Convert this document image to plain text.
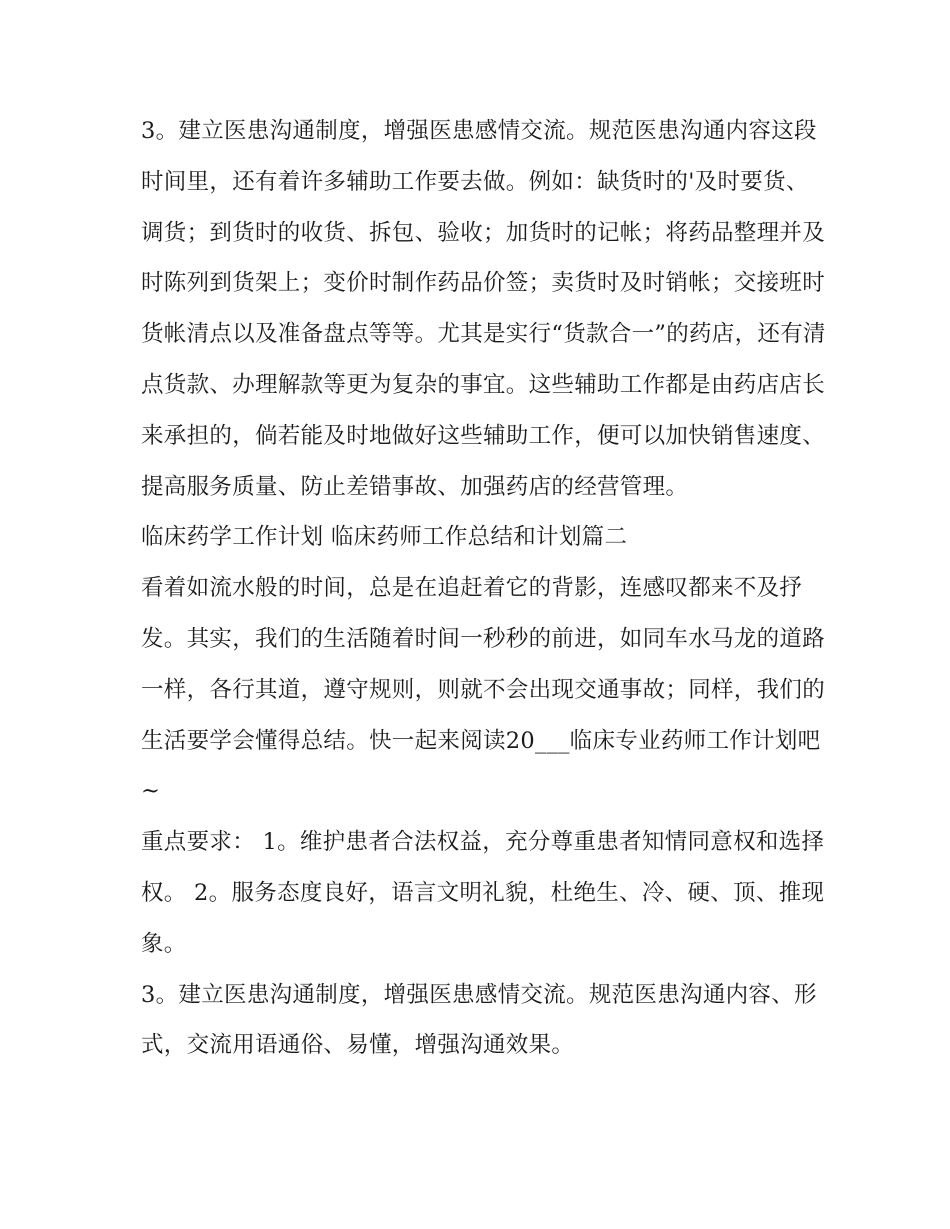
3。建立医患沟通制度，增强医患感情交流。规范医患沟通内容这段时间里，还有着许多辅助工作要去做。例如：缺货时的'及时要货、调货；到货时的收货、拆包、验收；加货时的记帐；将药品整理并及时陈列到货架上；变价时制作药品价签；卖货时及时销帐；交接班时货帐清点以及准备盘点等等。尤其是实行“货款合一”的药店，还有清点货款、办理解款等更为复杂的事宜。这些辅助工作都是由药店店长来承担的，倘若能及时地做好这些辅助工作，便可以加快销售速度、提高服务质量、防止差错事故、加强药店的经营管理。

临床药学工作计划 临床药师工作总结和计划篇二

看着如流水般的时间，总是在追赶着它的背影，连感叹都来不及抒发。其实，我们的生活随着时间一秒秒的前进，如同车水马龙的道路一样，各行其道，遵守规则，则就不会出现交通事故；同样，我们的生活要学会懂得总结。快一起来阅读20___临床专业药师工作计划吧~

重点要求： 1。维护患者合法权益，充分尊重患者知情同意权和选择权。 2。服务态度良好，语言文明礼貌，杜绝生、冷、硬、顶、推现象。

3。建立医患沟通制度，增强医患感情交流。规范医患沟通内容、形式，交流用语通俗、易懂，增强沟通效果。
